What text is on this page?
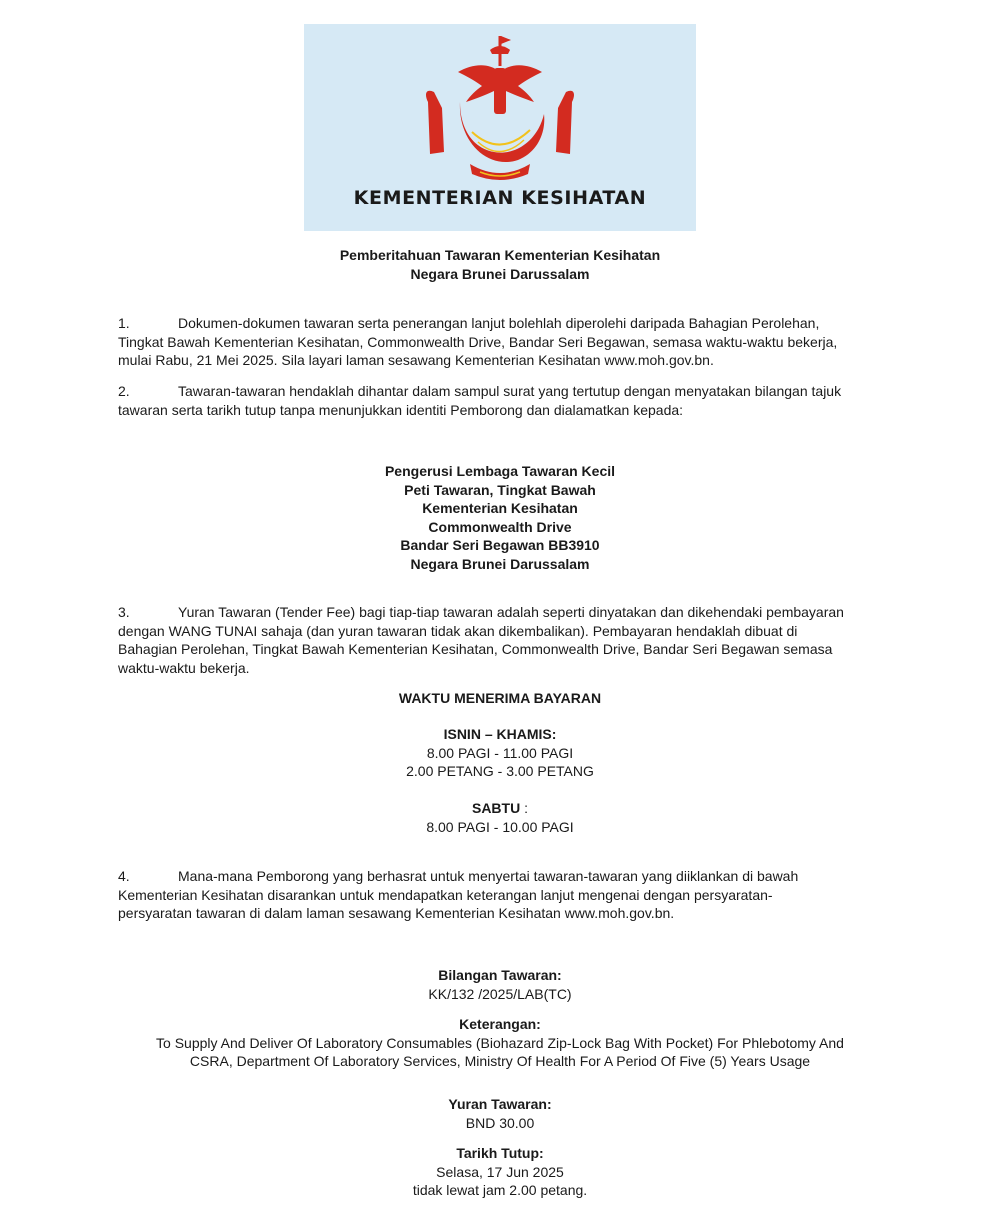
KEMENTERIAN KESIHATAN
Pemberitahuan Tawaran Kementerian Kesihatan
Negara Brunei Darussalam
1.	Dokumen-dokumen tawaran serta penerangan lanjut bolehlah diperolehi daripada Bahagian Perolehan,
Tingkat Bawah Kementerian Kesihatan, Commonwealth Drive, Bandar Seri Begawan, semasa waktu-waktu bekerja,
mulai Rabu, 21 Mei 2025. Sila layari laman sesawang Kementerian Kesihatan www.moh.gov.bn.
2.	Tawaran-tawaran hendaklah dihantar dalam sampul surat yang tertutup dengan menyatakan bilangan tajuk
tawaran serta tarikh tutup tanpa menunjukkan identiti Pemborong dan dialamatkan kepada:
Pengerusi Lembaga Tawaran Kecil
Peti Tawaran, Tingkat Bawah
Kementerian Kesihatan
Commonwealth Drive
Bandar Seri Begawan BB3910
Negara Brunei Darussalam
3.	Yuran Tawaran (Tender Fee) bagi tiap-tiap tawaran adalah seperti dinyatakan dan dikehendaki pembayaran
dengan WANG TUNAI sahaja (dan yuran tawaran tidak akan dikembalikan). Pembayaran hendaklah dibuat di
Bahagian Perolehan, Tingkat Bawah Kementerian Kesihatan, Commonwealth Drive, Bandar Seri Begawan semasa
waktu-waktu bekerja.
WAKTU MENERIMA BAYARAN
ISNIN – KHAMIS:
8.00 PAGI - 11.00 PAGI
2.00 PETANG - 3.00 PETANG
SABTU :
8.00 PAGI - 10.00 PAGI
4.	Mana-mana Pemborong yang berhasrat untuk menyertai tawaran-tawaran yang diiklankan di bawah
Kementerian Kesihatan disarankan untuk mendapatkan keterangan lanjut mengenai dengan persyaratan-
persyaratan tawaran di dalam laman sesawang Kementerian Kesihatan www.moh.gov.bn.
Bilangan Tawaran:
KK/132 /2025/LAB(TC)
Keterangan:
To Supply And Deliver Of Laboratory Consumables (Biohazard Zip-Lock Bag With Pocket) For Phlebotomy And
CSRA, Department Of Laboratory Services, Ministry Of Health For A Period Of Five (5) Years Usage
Yuran Tawaran:
BND 30.00
Tarikh Tutup:
Selasa, 17 Jun 2025
tidak lewat jam 2.00 petang.
